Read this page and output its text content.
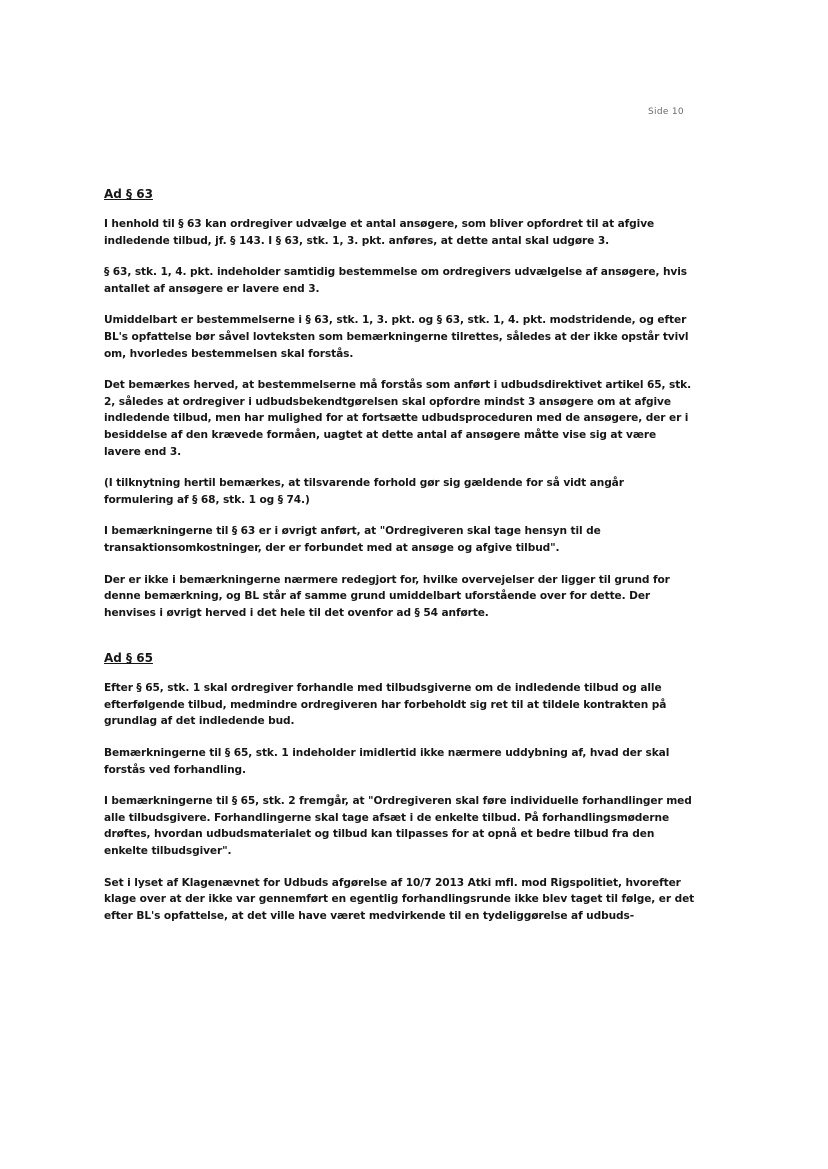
Side 10
Ad § 63

I henhold til § 63 kan ordregiver udvælge et antal ansøgere, som bliver opfordret til at afgive indledende tilbud, jf. § 143. I § 63, stk. 1, 3. pkt. anføres, at dette antal skal udgøre 3.

§ 63, stk. 1, 4. pkt. indeholder samtidig bestemmelse om ordregivers udvælgelse af ansøgere, hvis antallet af ansøgere er lavere end 3.

Umiddelbart er bestemmelserne i § 63, stk. 1, 3. pkt. og § 63, stk. 1, 4. pkt. modstridende, og efter BL's opfattelse bør såvel lovteksten som bemærkningerne tilrettes, således at der ikke opstår tvivl om, hvorledes bestemmelsen skal forstås.

Det bemærkes herved, at bestemmelserne må forstås som anført i udbudsdirektivet artikel 65, stk. 2, således at ordregiver i udbudsbekendtgørelsen skal opfordre mindst 3 ansøgere om at afgive indledende tilbud, men har mulighed for at fortsætte udbudsproceduren med de ansøgere, der er i besiddelse af den krævede formåen, uagtet at dette antal af ansøgere måtte vise sig at være lavere end 3.

(I tilknytning hertil bemærkes, at tilsvarende forhold gør sig gældende for så vidt angår formulering af § 68, stk. 1 og § 74.)

I bemærkningerne til § 63 er i øvrigt anført, at "Ordregiveren skal tage hensyn til de transaktionsomkostninger, der er forbundet med at ansøge og afgive tilbud".

Der er ikke i bemærkningerne nærmere redegjort for, hvilke overvejelser der ligger til grund for denne bemærkning, og BL står af samme grund umiddelbart uforstående over for dette. Der henvises i øvrigt herved i det hele til det ovenfor ad § 54 anførte.

Ad § 65

Efter § 65, stk. 1 skal ordregiver forhandle med tilbudsgiverne om de indledende tilbud og alle efterfølgende tilbud, medmindre ordregiveren har forbeholdt sig ret til at tildele kontrakten på grundlag af det indledende bud.

Bemærkningerne til § 65, stk. 1 indeholder imidlertid ikke nærmere uddybning af, hvad der skal forstås ved forhandling.

I bemærkningerne til § 65, stk. 2 fremgår, at "Ordregiveren skal føre individuelle forhandlinger med alle tilbudsgivere. Forhandlingerne skal tage afsæt i de enkelte tilbud. På forhandlingsmøderne drøftes, hvordan udbudsmaterialet og tilbud kan tilpasses for at opnå et bedre tilbud fra den enkelte tilbudsgiver".

Set i lyset af Klagenævnet for Udbuds afgørelse af 10/7 2013 Atki mfl. mod Rigspolitiet, hvorefter klage over at der ikke var gennemført en egentlig forhandlingsrunde ikke blev taget til følge, er det efter BL's opfattelse, at det ville have været medvirkende til en tydeliggørelse af udbuds-
